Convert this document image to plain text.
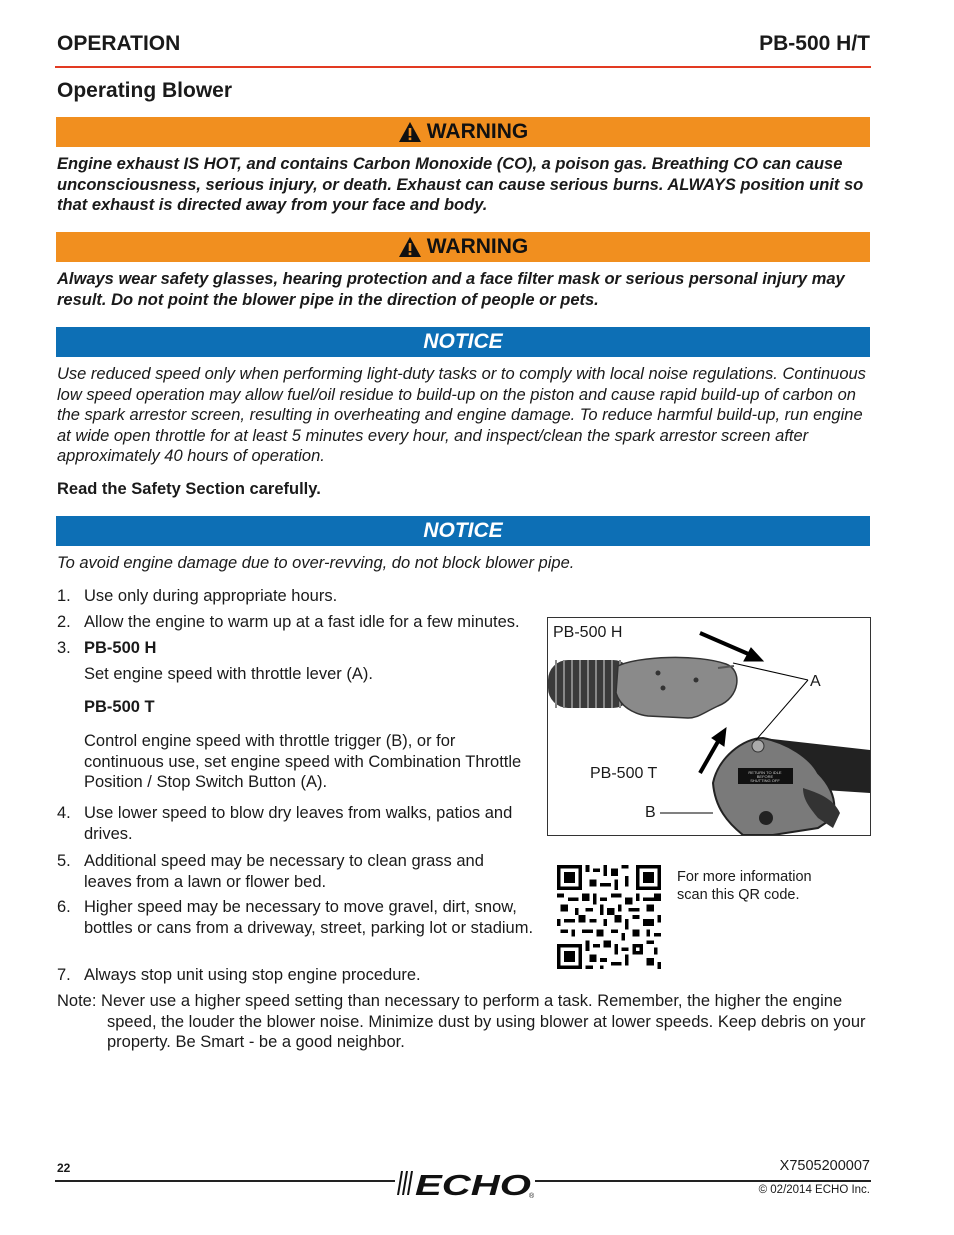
OPERATION	PB-500 H/T
Operating Blower
WARNING
Engine exhaust IS HOT, and contains Carbon Monoxide (CO), a poison gas. Breathing CO can cause unconsciousness, serious injury, or death. Exhaust can cause serious burns. ALWAYS position unit so that exhaust is directed away from your face and body.
WARNING
Always wear safety glasses, hearing protection and a face filter mask or serious personal injury may result. Do not point the blower pipe in the direction of people or pets.
NOTICE
Use reduced speed only when performing light-duty tasks or to comply with local noise regulations. Continuous low speed operation may allow fuel/oil residue to build-up on the piston and cause rapid build-up of carbon on the spark arrestor screen, resulting in overheating and engine damage. To reduce harmful build-up, run engine at wide open throttle for at least 5 minutes every hour, and inspect/clean the spark arrestor screen after approximately 40 hours of operation.
Read the Safety Section carefully.
NOTICE
To avoid engine damage due to over-revving, do not block blower pipe.
1. Use only during appropriate hours.
2. Allow the engine to warm up at a fast idle for a few minutes.
3. PB-500 H
Set engine speed with throttle lever (A).
PB-500 T
Control engine speed with throttle trigger (B), or for continuous use, set engine speed with Combination Throttle Position / Stop Switch Button (A).
4. Use lower speed to blow dry leaves from walks, patios and drives.
5. Additional speed may be necessary to clean grass and leaves from a lawn or flower bed.
6. Higher speed may be necessary to move gravel, dirt, snow, bottles or cans from a driveway, street, parking lot or stadium.
7. Always stop unit using stop engine procedure.
Note: Never use a higher speed setting than necessary to perform a task. Remember, the higher the engine
speed, the louder the blower noise. Minimize dust by using blower at lower speeds. Keep debris on your property. Be Smart - be a good neighbor.
RETURN TO IDLE
BEFORE
SHUTTING OFF
PB-500 H
A
PB-500 T
B
For more information
scan this QR code.
22	X7505200007
ECHO
®
© 02/2014 ECHO Inc.
